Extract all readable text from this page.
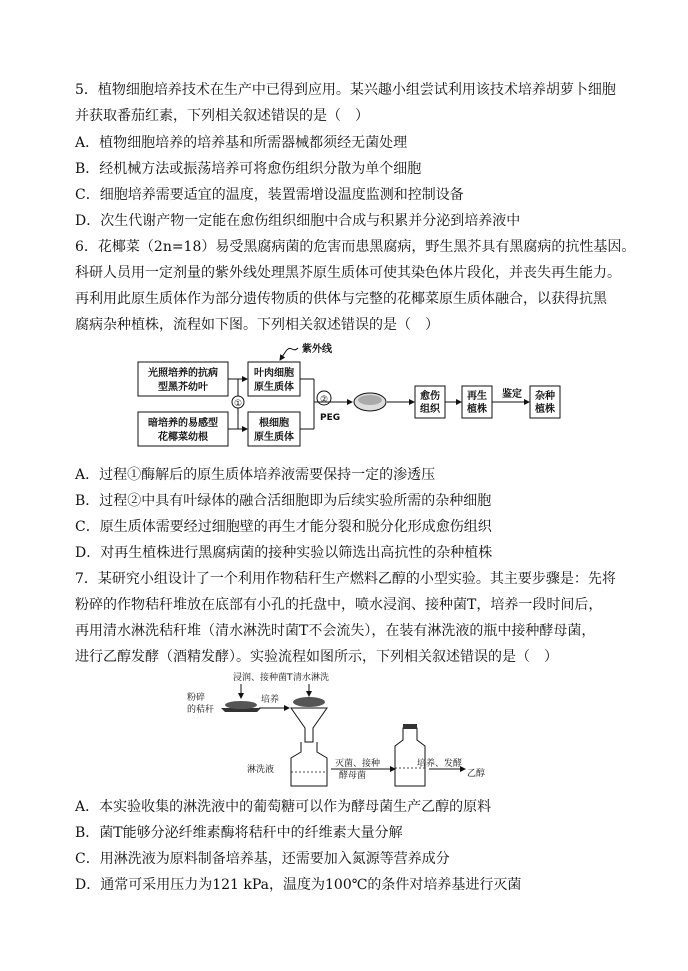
5．植物细胞培养技术在生产中已得到应用。某兴趣小组尝试利用该技术培养胡萝卜细胞
并获取番茄红素，下列相关叙述错误的是（　）
A．植物细胞培养的培养基和所需器械都须经无菌处理
B．经机械方法或振荡培养可将愈伤组织分散为单个细胞
C．细胞培养需要适宜的温度，装置需增设温度监测和控制设备
D．次生代谢产物一定能在愈伤组织细胞中合成与积累并分泌到培养液中
6．花椰菜（2n=18）易受黑腐病菌的危害而患黑腐病，野生黑芥具有黑腐病的抗性基因。
科研人员用一定剂量的紫外线处理黑芥原生质体可使其染色体片段化，并丧失再生能力。
再利用此原生质体作为部分遗传物质的供体与完整的花椰菜原生质体融合，以获得抗黑
腐病杂种植株，流程如下图。下列相关叙述错误的是（　）
光照培养的抗病
型黑芥幼叶
暗培养的易感型
花椰菜幼根
叶肉细胞
原生质体
根细胞
原生质体
紫外线
①	②
PEG
愈伤
组织
再生
植株
鉴定 杂种
植株
A．过程①酶解后的原生质体培养液需要保持一定的渗透压
B．过程②中具有叶绿体的融合活细胞即为后续实验所需的杂种细胞
C．原生质体需要经过细胞壁的再生才能分裂和脱分化形成愈伤组织
D．对再生植株进行黑腐病菌的接种实验以筛选出高抗性的杂种植株
7．某研究小组设计了一个利用作物秸秆生产燃料乙醇的小型实验。其主要步骤是：先将
粉碎的作物秸秆堆放在底部有小孔的托盘中，喷水浸润、接种菌T，培养一段时间后，
再用清水淋洗秸秆堆（清水淋洗时菌T不会流失），在装有淋洗液的瓶中接种酵母菌，
进行乙醇发酵（酒精发酵）。实验流程如图所示，下列相关叙述错误的是（　）
浸润、接种菌T 清水淋洗
粉碎
的秸秆
培养
淋洗液
灭菌、接种
酵母菌
培养、发酵
乙醇
A．本实验收集的淋洗液中的葡萄糖可以作为酵母菌生产乙醇的原料
B．菌T能够分泌纤维素酶将秸秆中的纤维素大量分解
C．用淋洗液为原料制备培养基，还需要加入氮源等营养成分
D．通常可采用压力为121 kPa，温度为100℃的条件对培养基进行灭菌
